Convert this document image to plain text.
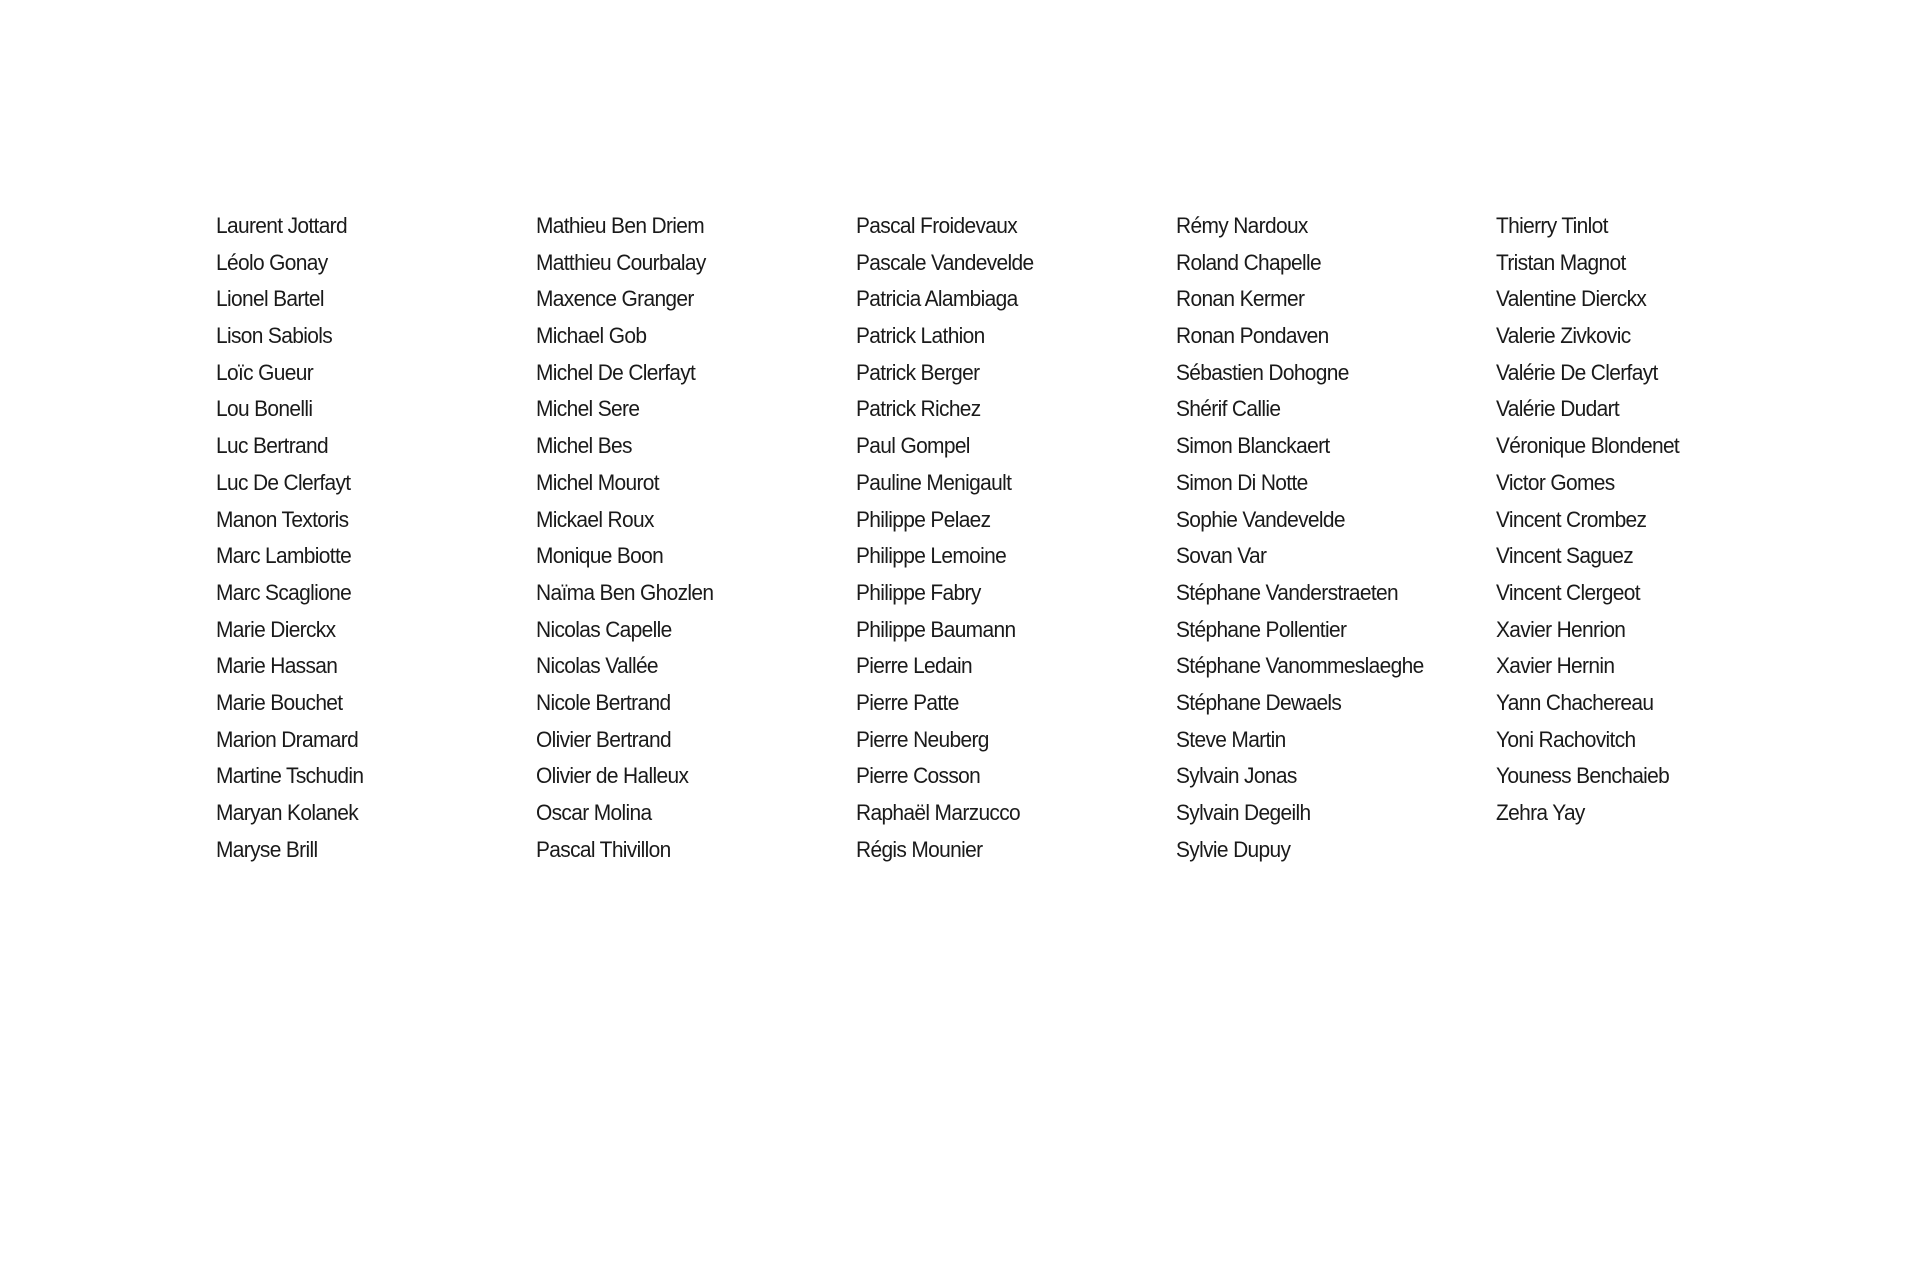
Laurent Jottard
Léolo Gonay
Lionel Bartel
Lison Sabiols
Loïc Gueur
Lou Bonelli
Luc Bertrand
Luc De Clerfayt
Manon Textoris
Marc Lambiotte
Marc Scaglione
Marie Dierckx
Marie Hassan
Marie Bouchet
Marion Dramard
Martine Tschudin
Maryan Kolanek
Maryse Brill
Mathieu Ben Driem
Matthieu Courbalay
Maxence Granger
Michael Gob
Michel De Clerfayt
Michel Sere
Michel Bes
Michel Mourot
Mickael Roux
Monique Boon
Naïma Ben Ghozlen
Nicolas Capelle
Nicolas Vallée
Nicole Bertrand
Olivier Bertrand
Olivier de Halleux
Oscar Molina
Pascal Thivillon
Pascal Froidevaux
Pascale Vandevelde
Patricia Alambiaga
Patrick Lathion
Patrick Berger
Patrick Richez
Paul Gompel
Pauline Menigault
Philippe Pelaez
Philippe Lemoine
Philippe Fabry
Philippe Baumann
Pierre Ledain
Pierre Patte
Pierre Neuberg
Pierre Cosson
Raphaël Marzucco
Régis Mounier
Rémy Nardoux
Roland Chapelle
Ronan Kermer
Ronan Pondaven
Sébastien Dohogne
Shérif Callie
Simon Blanckaert
Simon Di Notte
Sophie Vandevelde
Sovan Var
Stéphane Vanderstraeten
Stéphane Pollentier
Stéphane Vanommeslaeghe
Stéphane Dewaels
Steve Martin
Sylvain Jonas
Sylvain Degeilh
Sylvie Dupuy
Thierry Tinlot
Tristan Magnot
Valentine Dierckx
Valerie Zivkovic
Valérie De Clerfayt
Valérie Dudart
Véronique Blondenet
Victor Gomes
Vincent Crombez
Vincent Saguez
Vincent Clergeot
Xavier Henrion
Xavier Hernin
Yann Chachereau
Yoni Rachovitch
Youness Benchaieb
Zehra Yay
